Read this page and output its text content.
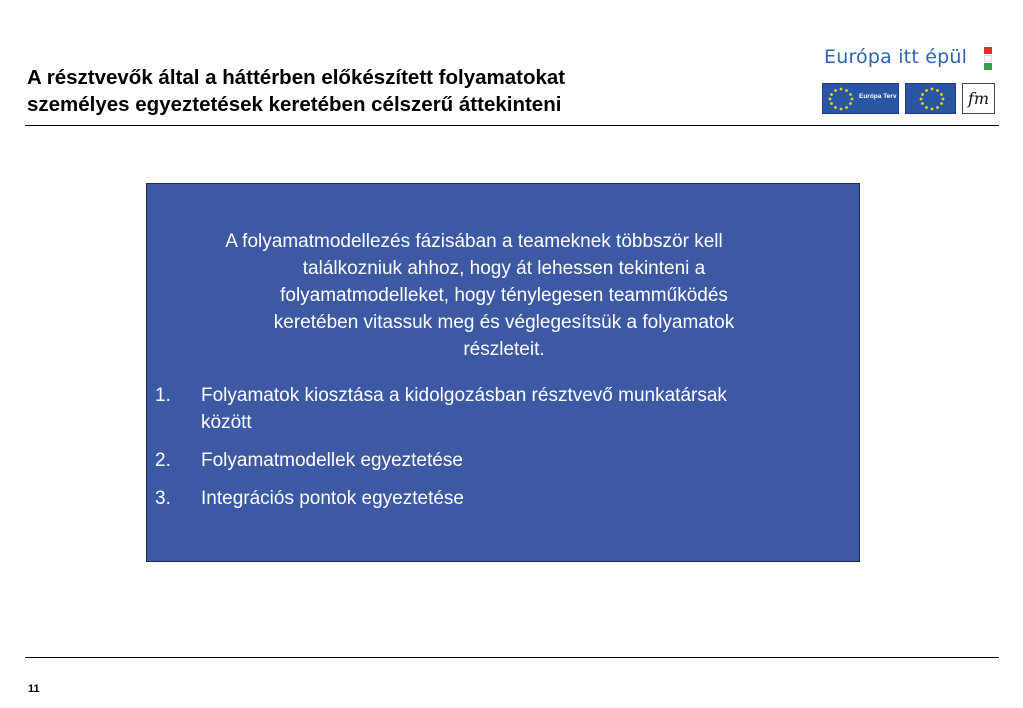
A résztvevők által a háttérben előkészített folyamatokat
személyes egyeztetések keretében célszerű áttekinteni
Európa itt épül
Európa Terv	fm
A folyamatmodellezés fázisában a teameknek többször kell
találkozniuk ahhoz, hogy át lehessen tekinteni a
folyamatmodelleket, hogy ténylegesen teamműködés
keretében vitassuk meg és véglegesítsük a folyamatok
részleteit.
1. Folyamatok kiosztása a kidolgozásban résztvevő munkatársak
között
2. Folyamatmodellek egyeztetése
3. Integrációs pontok egyeztetése
11
